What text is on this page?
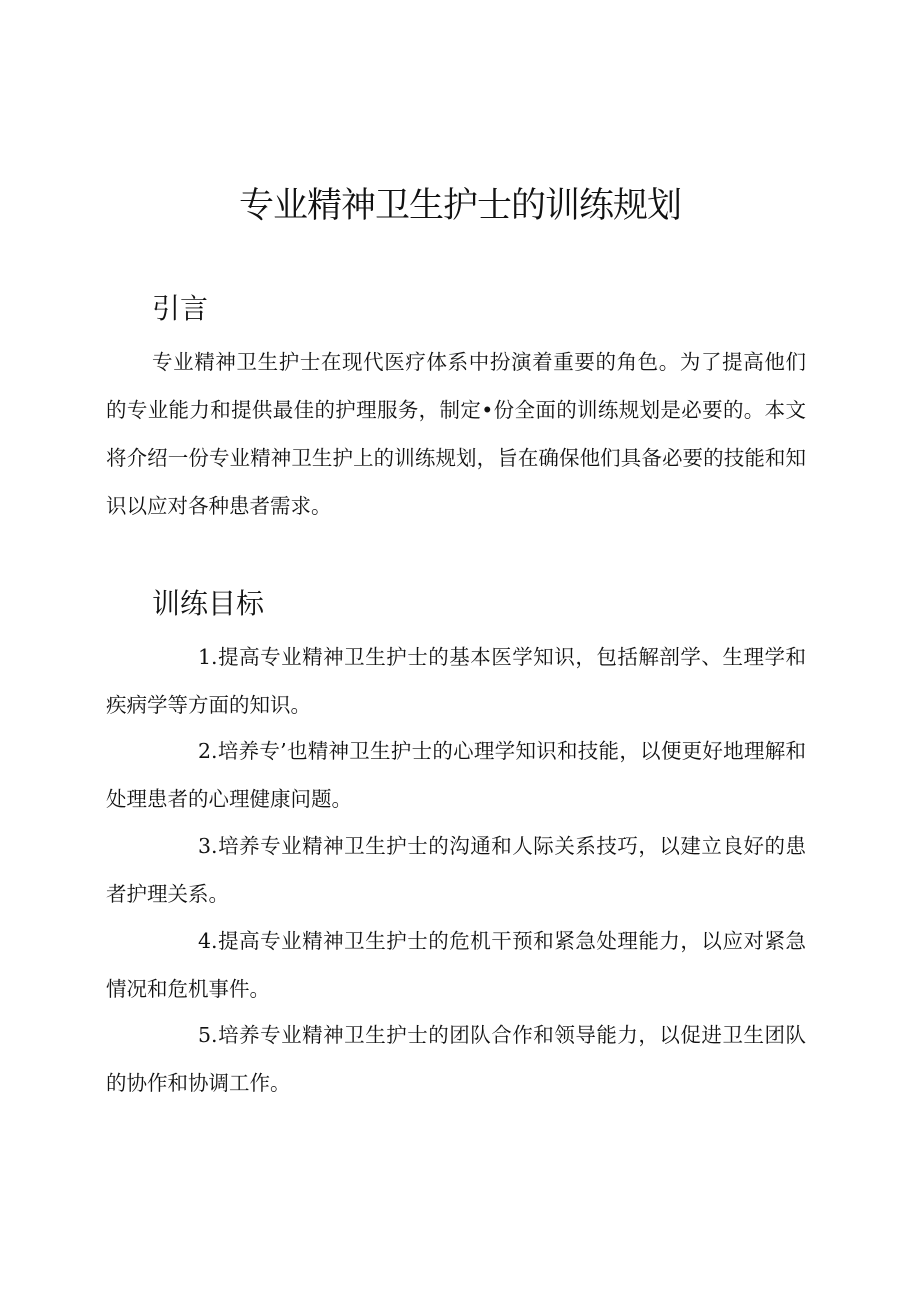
专业精神卫生护士的训练规划
引言

专业精神卫生护士在现代医疗体系中扮演着重要的角色。为了提高他们的专业能力和提供最佳的护理服务，制定•份全面的训练规划是必要的。本文将介绍一份专业精神卫生护上的训练规划，旨在确保他们具备必要的技能和知识以应对各种患者需求。

训练目标

1.提高专业精神卫生护士的基本医学知识，包括解剖学、生理学和疾病学等方面的知识。

2.培养专’也精神卫生护士的心理学知识和技能，以便更好地理解和处理患者的心理健康问题。

3.培养专业精神卫生护士的沟通和人际关系技巧，以建立良好的患者护理关系。

4.提高专业精神卫生护士的危机干预和紧急处理能力，以应对紧急情况和危机事件。

5.培养专业精神卫生护士的团队合作和领导能力，以促进卫生团队的协作和协调工作。
